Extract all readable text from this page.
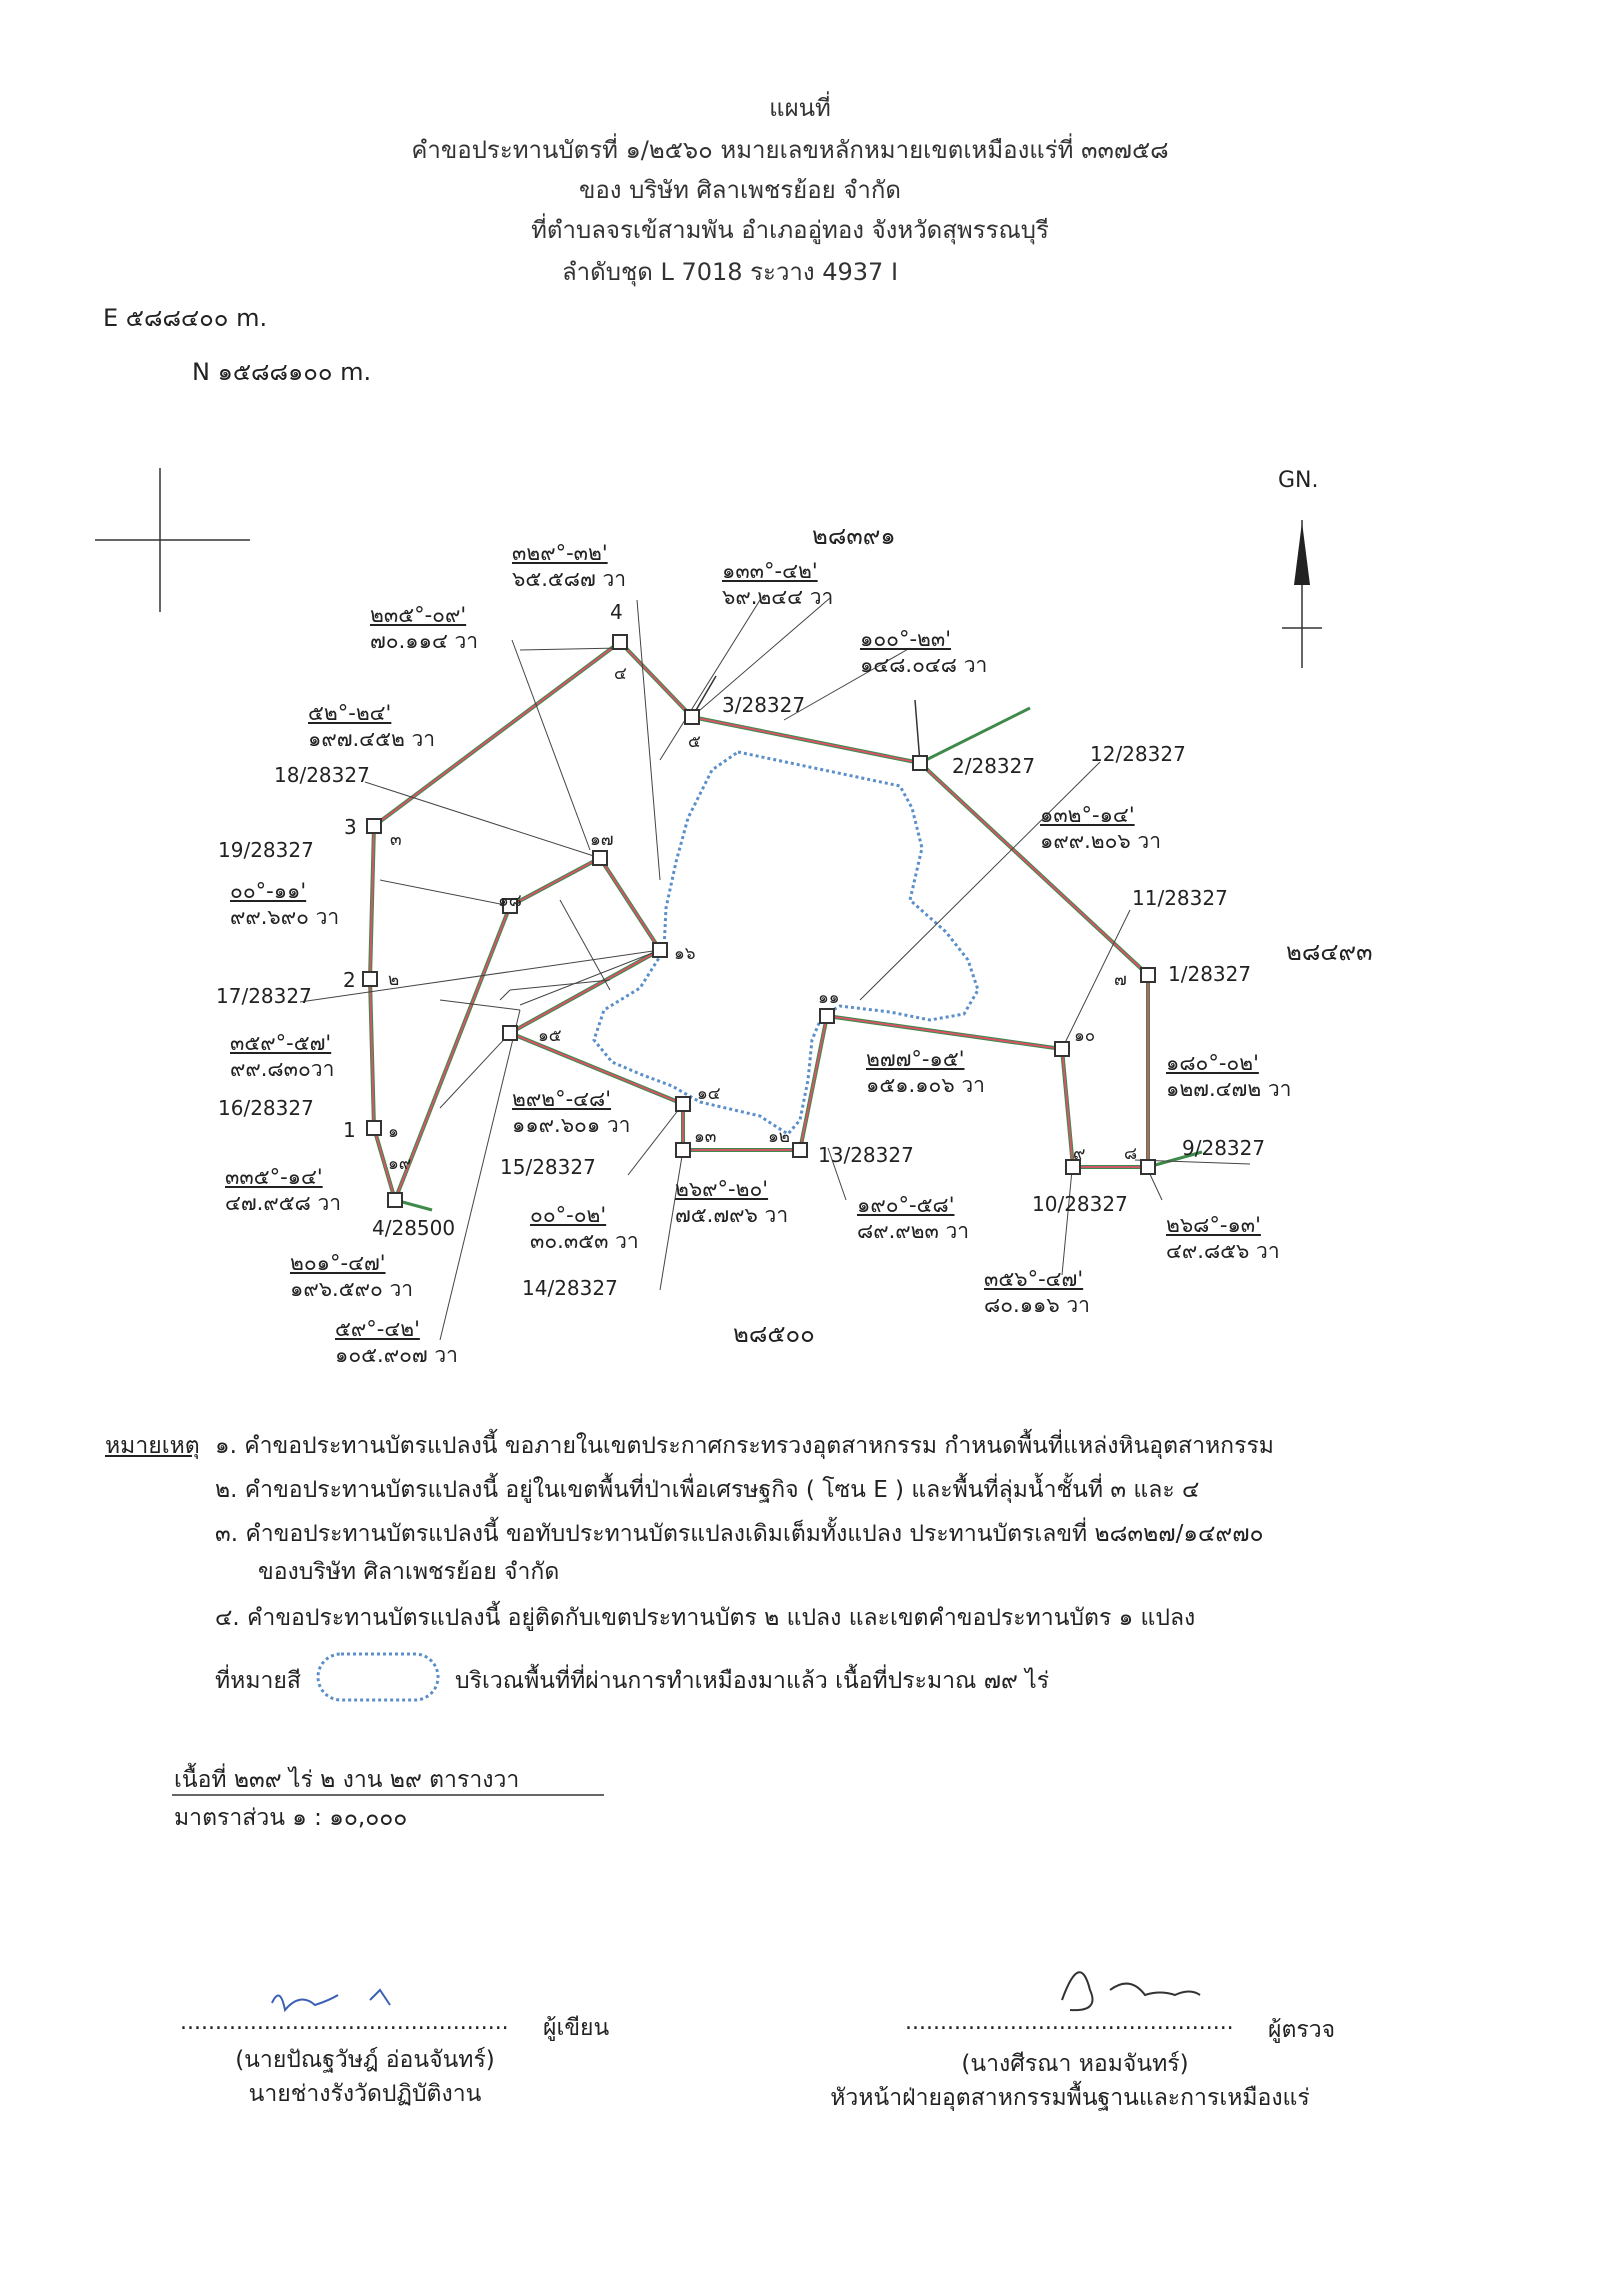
แผนที่
คำขอประทานบัตรที่ ๑/๒๕๖๐ หมายเลขหลักหมายเขตเหมืองแร่ที่ ๓๓๗๕๘
ของ บริษัท ศิลาเพชรย้อย จำกัด
ที่ตำบลจรเข้สามพัน อำเภออู่ทอง จังหวัดสุพรรณบุรี
ลำดับชุด L 7018 ระวาง 4937 I
E ๕๘๘๔๐๐ m.
N ๑๕๘๘๑๐๐ m.
GN.
๒๘๓๙๑
๒๘๔๙๓
๒๘๕๐๐
4
๔
๕
3
๓
2 ๒
1 ๑
๑๙
๑๗
๑๘
๑๖
๑๕
๑๔
๑๓	๑๒
๑๑
๑๐
๙ ๘
๗
3/28327
2/28327	12/28327
11/28327
1/28327
9/28327
10/28327
13/28327
15/28327
14/28327
16/28327
17/28327
18/28327
19/28327
4/28500
๓๒๙°-๓๒'
๖๕.๕๘๗ วา	๑๓๓°-๔๒'
๖๙.๒๔๔ วา
๑๐๐°-๒๓'
๑๔๘.๐๔๘ วา
๒๓๕°-๐๙'
๗๐.๑๑๔ วา
๕๒°-๒๔'
๑๙๗.๔๕๒ วา
๑๓๒°-๑๔'
๑๙๙.๒๐๖ วา
๐๐°-๑๑'
๙๙.๖๙๐ วา
๓๕๙°-๕๗'
๙๙.๘๓๐วา	๒๗๗°-๑๕'
๑๕๑.๑๐๖ วา
๑๘๐°-๐๒'
๑๒๗.๔๗๒ วา
๒๙๒°-๔๘'
๑๑๙.๖๐๑ วา
๓๓๕°-๑๔'
๔๗.๙๕๘ วา
๒๖๙°-๒๐'
๗๕.๗๙๖ วา	๑๙๐°-๕๘'
๘๙.๙๒๓ วา
๐๐°-๐๒'
๓๐.๓๕๓ วา
๒๖๘°-๑๓'
๔๙.๘๕๖ วา
๒๐๑°-๔๗'
๑๙๖.๕๙๐ วา	๓๕๖°-๔๗'
๘๐.๑๑๖ วา
๕๙°-๔๒'
๑๐๕.๙๐๗ วา
หมายเหตุ ๑. คำขอประทานบัตรแปลงนี้ ขอภายในเขตประกาศกระทรวงอุตสาหกรรม กำหนดพื้นที่แหล่งหินอุตสาหกรรม
๒. คำขอประทานบัตรแปลงนี้ อยู่ในเขตพื้นที่ป่าเพื่อเศรษฐกิจ ( โซน E ) และพื้นที่ลุ่มน้ำชั้นที่ ๓ และ ๔
๓. คำขอประทานบัตรแปลงนี้ ขอทับประทานบัตรแปลงเดิมเต็มทั้งแปลง ประทานบัตรเลขที่ ๒๘๓๒๗/๑๔๙๗๐
ของบริษัท ศิลาเพชรย้อย จำกัด
๔. คำขอประทานบัตรแปลงนี้ อยู่ติดกับเขตประทานบัตร ๒ แปลง และเขตคำขอประทานบัตร ๑ แปลง
ที่หมายสี	บริเวณพื้นที่ที่ผ่านการทำเหมืองมาแล้ว เนื้อที่ประมาณ ๗๙ ไร่
เนื้อที่ ๒๓๙ ไร่ ๒ งาน ๒๙ ตารางวา
มาตราส่วน ๑ : ๑๐,๐๐๐
............................................... ผู้เขียน
(นายปัณฐวัษฎ์ อ่อนจันทร์)
นายช่างรังวัดปฏิบัติงาน
............................................... ผู้ตรวจ
(นางศีรณา หอมจันทร์)
หัวหน้าฝ่ายอุตสาหกรรมพื้นฐานและการเหมืองแร่
